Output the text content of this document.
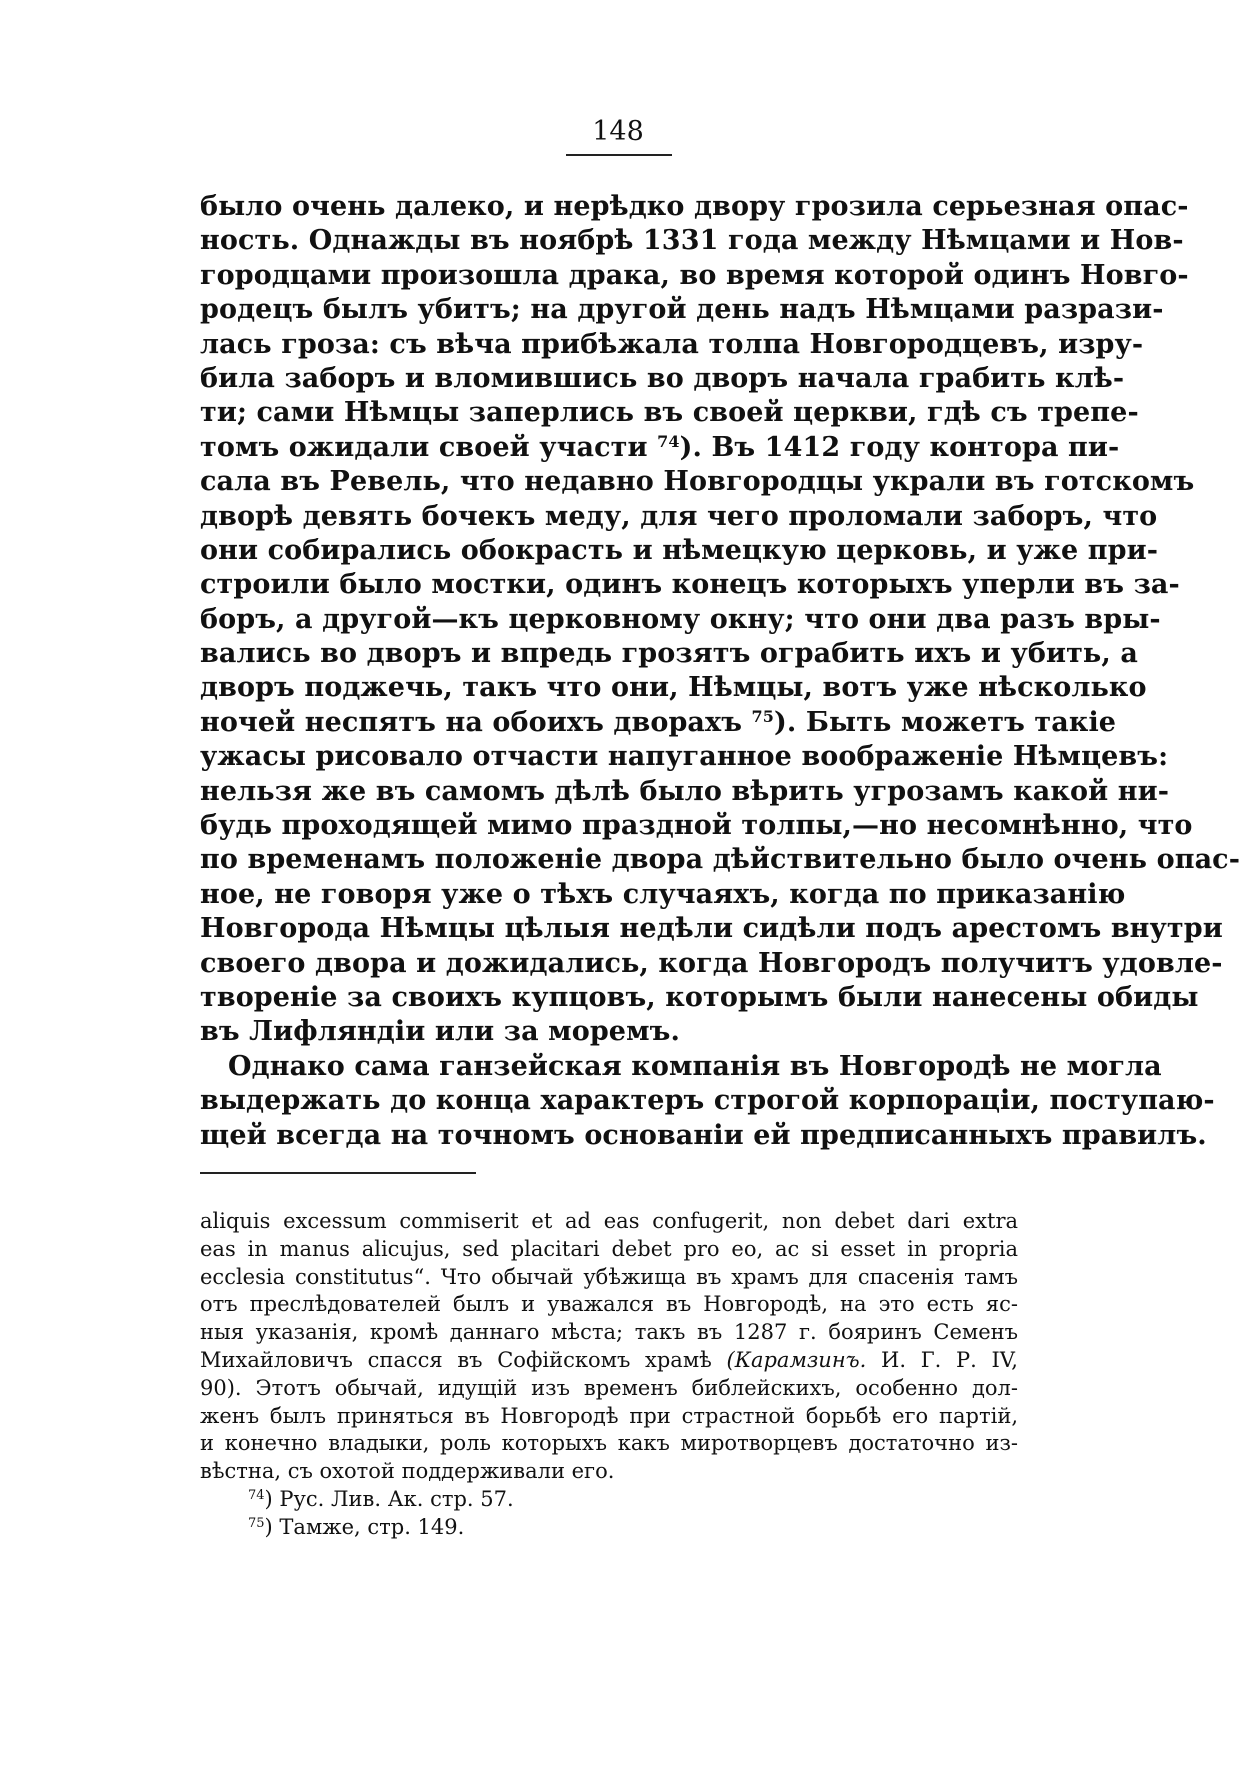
148
было очень далеко, и нерѣдко двору грозила серьезная опас-
ность. Однажды въ ноябрѣ 1331 года между Нѣмцами и Нов-
городцами произошла драка, во время которой одинъ Новго-
родецъ былъ убитъ; на другой день надъ Нѣмцами разрази-
лась гроза: съ вѣча прибѣжала толпа Новгородцевъ, изру-
била заборъ и вломившись во дворъ начала грабить клѣ-
ти; сами Нѣмцы заперлись въ своей церкви, гдѣ съ трепе-
томъ ожидали своей участи $^{74}$). Въ 1412 году контора пи-
сала въ Ревель, что недавно Новгородцы украли въ готскомъ
дворѣ девять бочекъ меду, для чего проломали заборъ, что
они собирались обокрасть и нѣмецкую церковь, и уже при-
строили было мостки, одинъ конецъ которыхъ уперли въ за-
боръ, а другой—къ церковному окну; что они два разъ вры-
вались во дворъ и впредь грозятъ ограбить ихъ и убить, а
дворъ поджечь, такъ что они, Нѣмцы, вотъ уже нѣсколько
ночей неспятъ на обоихъ дворахъ $^{75}$). Быть можетъ такіе
ужасы рисовало отчасти напуганное воображеніе Нѣмцевъ:
нельзя же въ самомъ дѣлѣ было вѣрить угрозамъ какой ни-
будь проходящей мимо праздной толпы,—но несомнѣнно, что
по временамъ положеніе двора дѣйствительно было очень опас-
ное, не говоря уже о тѣхъ случаяхъ, когда по приказанію
Новгорода Нѣмцы цѣлыя недѣли сидѣли подъ арестомъ внутри
своего двора и дожидались, когда Новгородъ получитъ удовле-
твореніе за своихъ купцовъ, которымъ были нанесены обиды
въ Лифляндіи или за моремъ.
Однако сама ганзейская компанія въ Новгородѣ не могла
выдержать до конца характеръ строгой корпораціи, поступаю-
щей всегда на точномъ основаніи ей предписанныхъ правилъ.
aliquis excessum commiserit et ad eas confugerit, non debet dari extra
eas in manus alicujus, sed placitari debet pro eo, ac si esset in propria
ecclesia constitutus“. Что обычай убѣжища въ храмъ для спасенія тамъ
отъ преслѣдователей былъ и уважался въ Новгородѣ, на это есть яс-
ныя указанія, кромѣ даннаго мѣста; такъ въ 1287 г. бояринъ Семенъ
Михайловичъ спасся въ Софійскомъ храмѣ (Карамзинъ. И. Г. Р. IV,
90). Этотъ обычай, идущій изъ временъ библейскихъ, особенно дол-
женъ былъ приняться въ Новгородѣ при страстной борьбѣ его партій,
и конечно владыки, роль которыхъ какъ миротворцевъ достаточно из-
вѣстна, съ охотой поддерживали его.
$^{74}$) Рус. Лив. Ак. стр. 57.
$^{75}$) Тамже, стр. 149.
